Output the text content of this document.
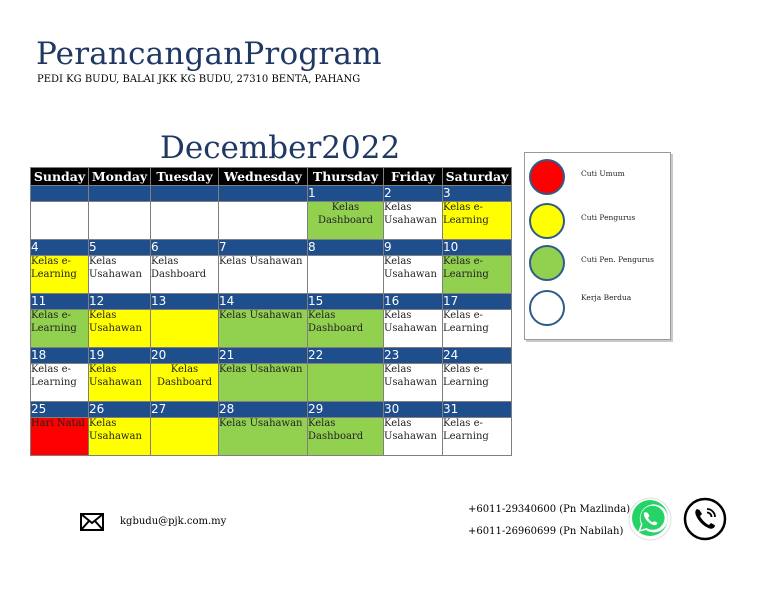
PerancanganProgram
PEDI KG BUDU, BALAI JKK KG BUDU, 27310 BENTA, PAHANG
December2022
Sunday	Monday	Tuesday	Wednesday	Thursday	Friday	Saturday
				1	2	3
				Kelas Dashboard	Kelas Usahawan	Kelas e-Learning
4	5	6	7	8	9	10
Kelas e-Learning	Kelas Usahawan	Kelas Dashboard	Kelas Usahawan		Kelas Usahawan	Kelas e-Learning
11	12	13	14	15	16	17
Kelas e-Learning	Kelas Usahawan		Kelas Usahawan	Kelas Dashboard	Kelas Usahawan	Kelas e-Learning
18	19	20	21	22	23	24
Kelas e-Learning	Kelas Usahawan	Kelas Dashboard	Kelas Usahawan		Kelas Usahawan	Kelas e-Learning
25	26	27	28	29	30	31
Hari Natal	Kelas Usahawan		Kelas Usahawan	Kelas Dashboard	Kelas Usahawan	Kelas e-Learning
Cuti Umum
Cuti Pengurus
Cuti Pen. Pengurus
Kerja Berdua
kgbudu@pjk.com.my
+6011-29340600 (Pn Mazlinda)
+6011-26960699 (Pn Nabilah)
